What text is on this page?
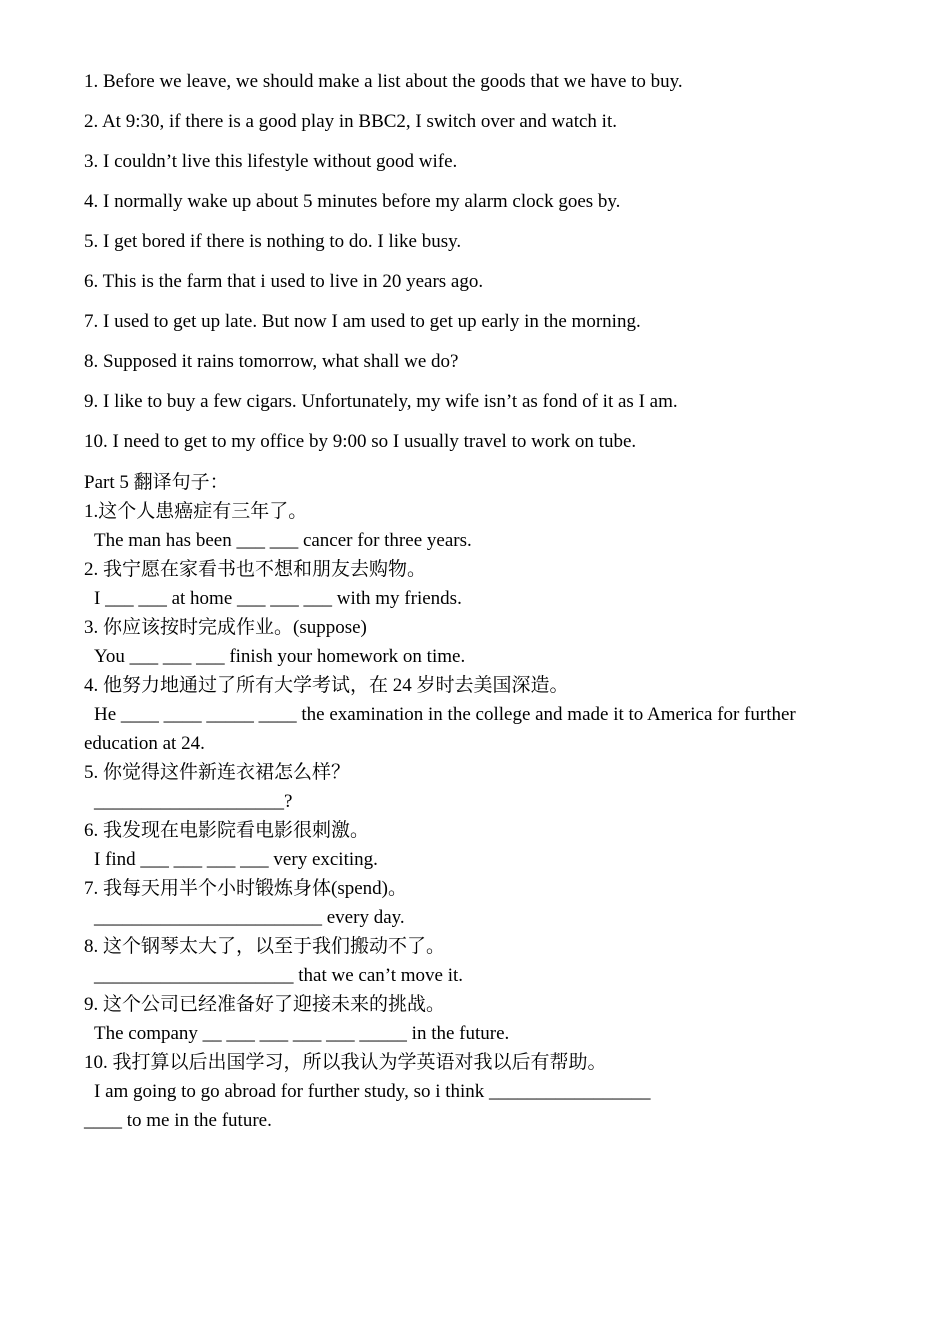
1. Before we leave, we should make a list about the goods that we have to buy.
2. At 9:30, if there is a good play in BBC2, I switch over and watch it.
3. I couldn’t live this lifestyle without good wife.
4. I normally wake up about 5 minutes before my alarm clock goes by.
5. I get bored if there is nothing to do. I like busy.
6. This is the farm that i used to live in 20 years ago.
7. I used to get up late. But now I am used to get up early in the morning.
8. Supposed it rains tomorrow, what shall we do?
9. I like to buy a few cigars. Unfortunately, my wife isn’t as fond of it as I am.
10. I need to get to my office by 9:00 so I usually travel to work on tube.
Part 5 翻译句子：
1.这个人患癌症有三年了。
The man has been ___ ___ cancer for three years.
2. 我宁愿在家看书也不想和朋友去购物。
I ___ ___ at home ___ ___ ___ with my friends.
3. 你应该按时完成作业。(suppose)
You ___ ___ ___ finish your homework on time.
4. 他努力地通过了所有大学考试，在 24 岁时去美国深造。
He ____ ____ _____ ____ the examination in the college and made it to America for further
education at 24.
5. 你觉得这件新连衣裙怎么样？
____________________?
6. 我发现在电影院看电影很刺激。
I find ___ ___ ___ ___ very exciting.
7. 我每天用半个小时锻炼身体(spend)。
________________________ every day.
8. 这个钢琴太大了，以至于我们搬动不了。
_____________________ that we can’t move it.
9. 这个公司已经准备好了迎接未来的挑战。
The company __ ___ ___ ___ ___ _____ in the future.
10. 我打算以后出国学习，所以我认为学英语对我以后有帮助。
I am going to go abroad for further study, so i think _________________
____ to me in the future.
